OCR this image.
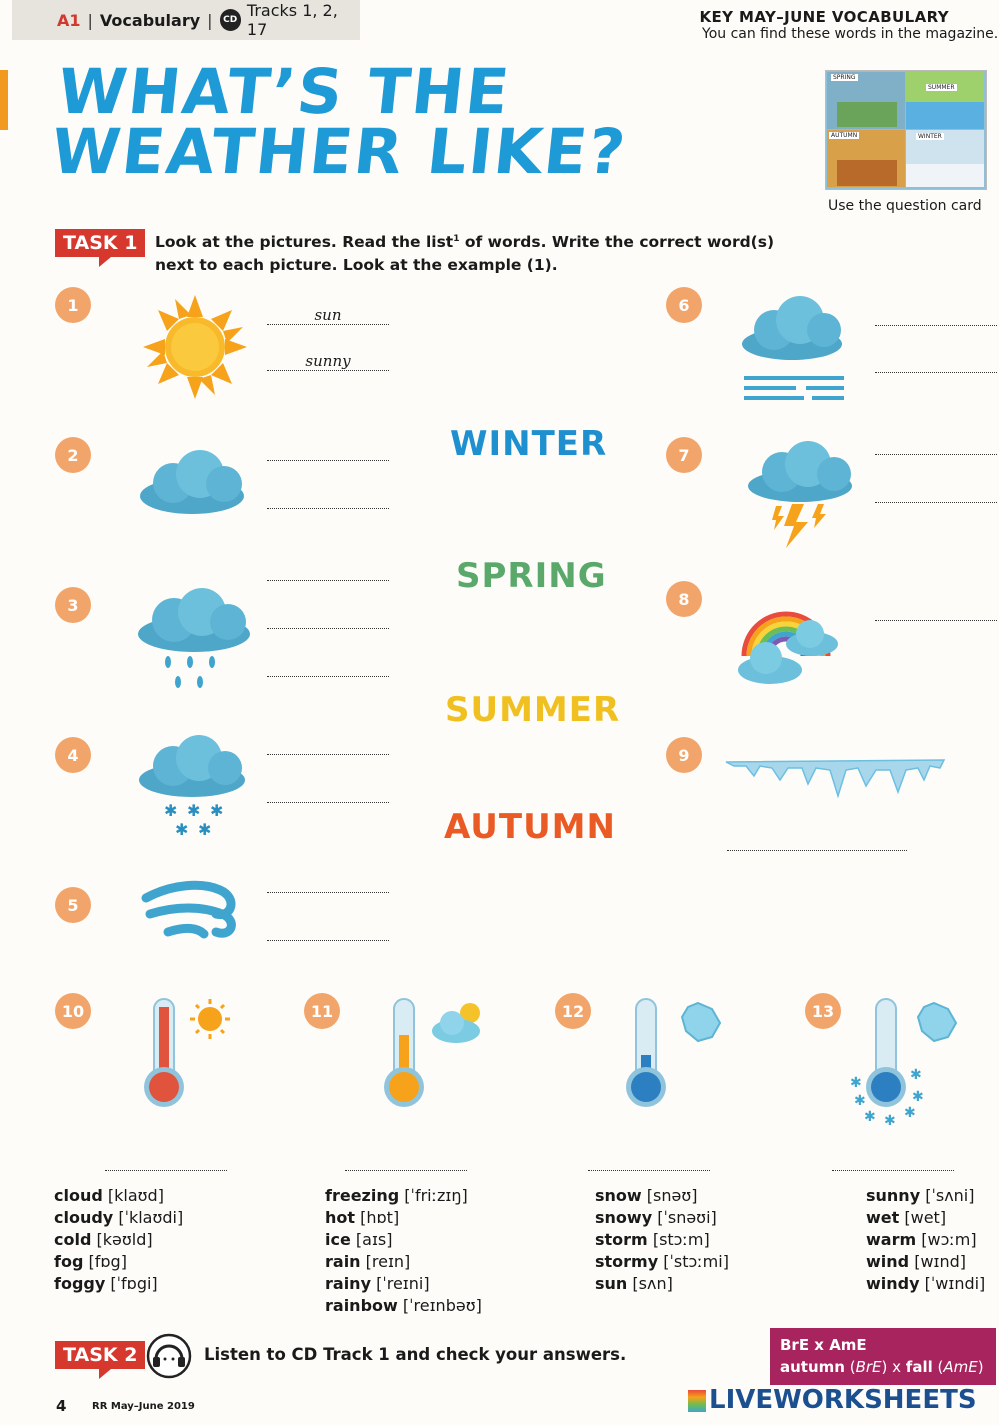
A1 | Vocabulary |	CD Tracks 1, 2, 17
KEY MAY–JUNE VOCABULARY
You can find these words in the magazine.
WHAT’S THE
WEATHER LIKE?
SPRING
SUMMER
AUTUMN	WINTER
Use the question card
TASK 1	Look at the pictures. Read the list$^1$ of words. Write the correct word(s) next to each picture. Look at the example (1).
1
2
3
4
5
6
7
8
9
10	11	12	13
sun
sunny
WINTER
SPRING
SUMMER
AUTUMN
✱ ✱ ✱
✱ ✱
✱	✱
✱
✱
✱ ✱ ✱
cloud [klaʊd]
cloudy [ˈklaʊdi]
cold [kəʊld]
fog [fɒg]
foggy [ˈfɒgi]
freezing [ˈfriːzɪŋ]
hot [hɒt]
ice [aɪs]
rain [reɪn]
rainy [ˈreɪni]
rainbow [ˈreɪnbəʊ]
snow [snəʊ]
snowy [ˈsnəʊi]
storm [stɔːm]
stormy [ˈstɔːmi]
sun [sʌn]
sunny [ˈsʌni]
wet [wet]
warm [wɔːm]
wind [wɪnd]
windy [ˈwɪndi]
TASK 2	Listen to CD Track 1 and check your answers.	BrE x AmE
autumn (BrE) x fall (AmE)
4	RR May–June 2019	LIVEWORKSHEETS
